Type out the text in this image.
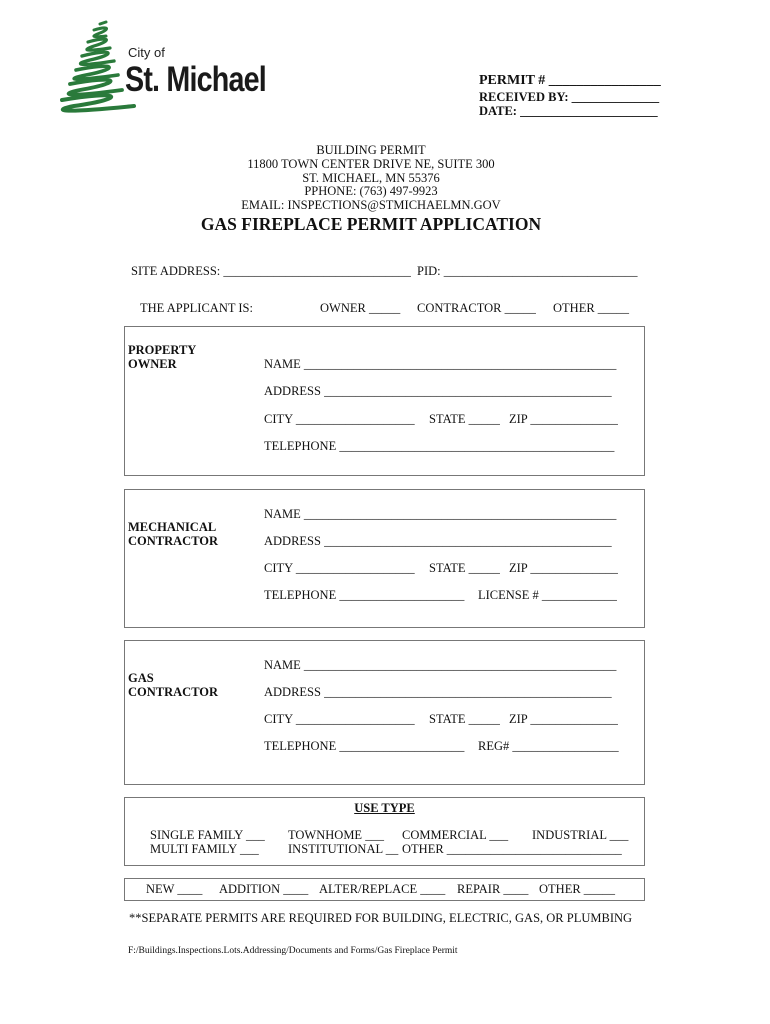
City of
St. Michael	PERMIT # ________________
RECEIVED BY: ______________
DATE: ______________________
BUILDING PERMIT
11800 TOWN CENTER DRIVE NE, SUITE 300
ST. MICHAEL, MN 55376
PPHONE: (763) 497-9923
EMAIL: INSPECTIONS@STMICHAELMN.GOV
GAS FIREPLACE PERMIT APPLICATION
SITE ADDRESS: ______________________________ PID: _______________________________
THE APPLICANT IS:	OWNER _____ CONTRACTOR _____ OTHER _____
PROPERTY
OWNER	NAME __________________________________________________
ADDRESS ______________________________________________
CITY ___________________ STATE _____ ZIP ______________
TELEPHONE ____________________________________________
MECHANICAL
CONTRACTOR
NAME __________________________________________________
ADDRESS ______________________________________________
CITY ___________________ STATE _____ ZIP ______________
TELEPHONE ____________________ LICENSE # ____________
GAS
CONTRACTOR
NAME __________________________________________________
ADDRESS ______________________________________________
CITY ___________________ STATE _____ ZIP ______________
TELEPHONE ____________________ REG# _________________
USE TYPE
SINGLE FAMILY ___ TOWNHOME ___ COMMERCIAL ___ INDUSTRIAL ___
MULTI FAMILY ___ INSTITUTIONAL __ OTHER ____________________________
NEW ____ ADDITION ____ ALTER/REPLACE ____ REPAIR ____ OTHER _____
**SEPARATE PERMITS ARE REQUIRED FOR BUILDING, ELECTRIC, GAS, OR PLUMBING
F:/Buildings.Inspections.Lots.Addressing/Documents and Forms/Gas Fireplace Permit
